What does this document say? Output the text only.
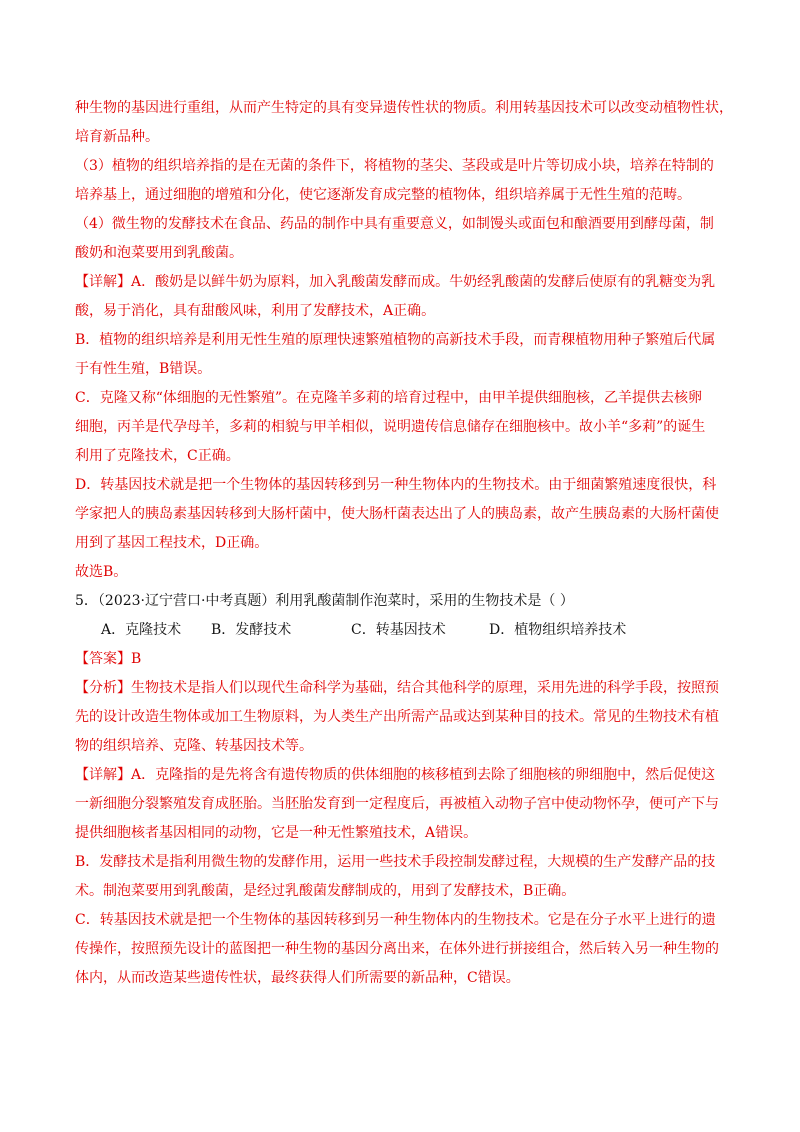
种生物的基因进行重组，从而产生特定的具有变异遗传性状的物质。利用转基因技术可以改变动植物性状，

培育新品种。

（3）植物的组织培养指的是在无菌的条件下，将植物的茎尖、茎段或是叶片等切成小块，培养在特制的

培养基上，通过细胞的增殖和分化，使它逐渐发育成完整的植物体，组织培养属于无性生殖的范畴。

（4）微生物的发酵技术在食品、药品的制作中具有重要意义，如制馒头或面包和酿酒要用到酵母菌，制

酸奶和泡菜要用到乳酸菌。

【详解】A．酸奶是以鲜牛奶为原料，加入乳酸菌发酵而成。牛奶经乳酸菌的发酵后使原有的乳糖变为乳

酸，易于消化，具有甜酸风味，利用了发酵技术，A正确。

B．植物的组织培养是利用无性生殖的原理快速繁殖植物的高新技术手段，而青稞植物用种子繁殖后代属

于有性生殖，B错误。

C．克隆又称“体细胞的无性繁殖”。在克隆羊多莉的培育过程中，由甲羊提供细胞核，乙羊提供去核卵

细胞，丙羊是代孕母羊，多莉的相貌与甲羊相似，说明遗传信息储存在细胞核中。故小羊“多莉”的诞生

利用了克隆技术，C正确。

D．转基因技术就是把一个生物体的基因转移到另一种生物体内的生物技术。由于细菌繁殖速度很快，科

学家把人的胰岛素基因转移到大肠杆菌中，使大肠杆菌表达出了人的胰岛素，故产生胰岛素的大肠杆菌使

用到了基因工程技术，D正确。

故选B。

5．（2023·辽宁营口·中考真题）利用乳酸菌制作泡菜时，采用的生物技术是（ ）

A．克隆技术	B．发酵技术	C．转基因技术	D．植物组织培养技术

【答案】B

【分析】生物技术是指人们以现代生命科学为基础，结合其他科学的原理，采用先进的科学手段，按照预

先的设计改造生物体或加工生物原料，为人类生产出所需产品或达到某种目的技术。常见的生物技术有植

物的组织培养、克隆、转基因技术等。

【详解】A．克隆指的是先将含有遗传物质的供体细胞的核移植到去除了细胞核的卵细胞中，然后促使这

一新细胞分裂繁殖发育成胚胎。当胚胎发育到一定程度后，再被植入动物子宫中使动物怀孕，便可产下与

提供细胞核者基因相同的动物，它是一种无性繁殖技术，A错误。

B．发酵技术是指利用微生物的发酵作用，运用一些技术手段控制发酵过程，大规模的生产发酵产品的技

术。制泡菜要用到乳酸菌，是经过乳酸菌发酵制成的，用到了发酵技术，B正确。

C．转基因技术就是把一个生物体的基因转移到另一种生物体内的生物技术。它是在分子水平上进行的遗

传操作，按照预先设计的蓝图把一种生物的基因分离出来，在体外进行拼接组合，然后转入另一种生物的

体内，从而改造某些遗传性状，最终获得人们所需要的新品种，C错误。
